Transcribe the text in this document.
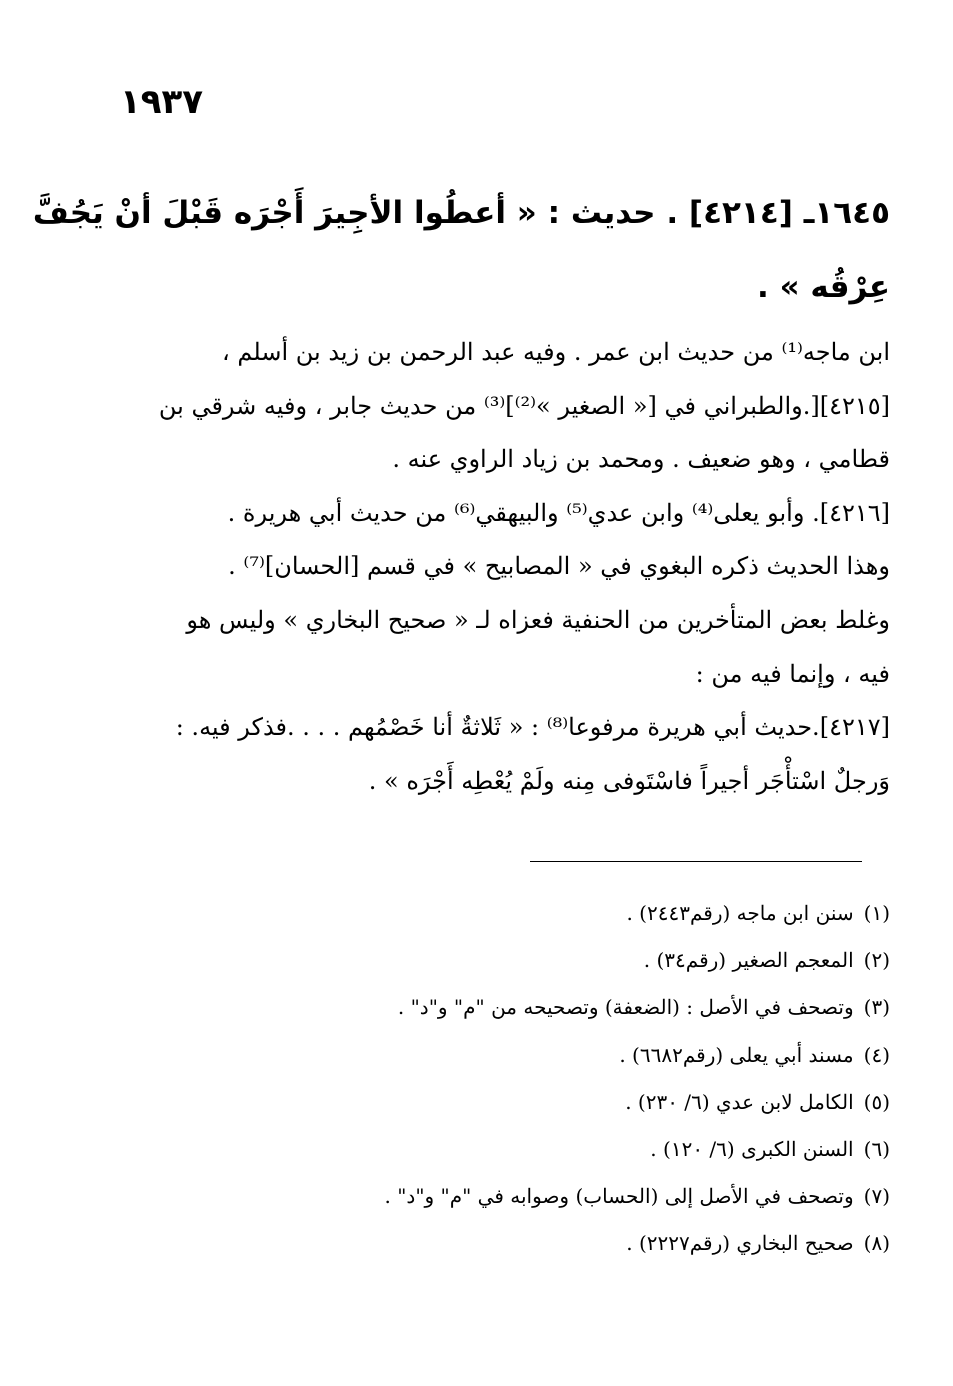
١٩٣٧
١٦٤٥ـ [٤٢١٤] . حديث : « أعطُوا الأجِيرَ أَجْرَه قَبْلَ أنْ يَجُفَّ
عِرْقُه » .
ابن ماجه⁽¹⁾ من حديث ابن عمر . وفيه عبد الرحمن بن زيد بن أسلم ،
[٤٢١٥][.والطبراني في [« الصغير »⁽²⁾]⁽³⁾ من حديث جابر ، وفيه شرقي بن
قطامي ، وهو ضعيف . ومحمد بن زياد الراوي عنه .
[٤٢١٦]. وأبو يعلى⁽⁴⁾ وابن عدي⁽⁵⁾ والبيهقي⁽⁶⁾ من حديث أبي هريرة .
وهذا الحديث ذكره البغوي في « المصابيح » في قسم [الحسان]⁽⁷⁾ .
وغلط بعض المتأخرين من الحنفية فعزاه لـ « صحيح البخاري » وليس هو
فيه ، وإنما فيه من :
[٤٢١٧].حديث أبي هريرة مرفوعا⁽⁸⁾ : « ثَلاثةٌ أنا خَصْمُهم . . . .فذكر فيه. :
وَرجلٌ اسْتأْجَر أجيراً فاسْتَوفى مِنه ولَمْ يُعْطِه أَجْرَه » .
(١)سنن ابن ماجه (رقم٢٤٤٣) .
(٢)المعجم الصغير (رقم٣٤) .
(٣)وتصحف في الأصل : (الضعفة) وتصحيحه من "م" و"د" .
(٤)مسند أبي يعلى (رقم٦٦٨٢) .
(٥)الكامل لابن عدي (٦/ ٢٣٠) .
(٦)السنن الكبرى (٦/ ١٢٠) .
(٧)وتصحف في الأصل إلى (الحساب) وصوابه في "م" و"د" .
(٨)صحيح البخاري (رقم٢٢٢٧) .
